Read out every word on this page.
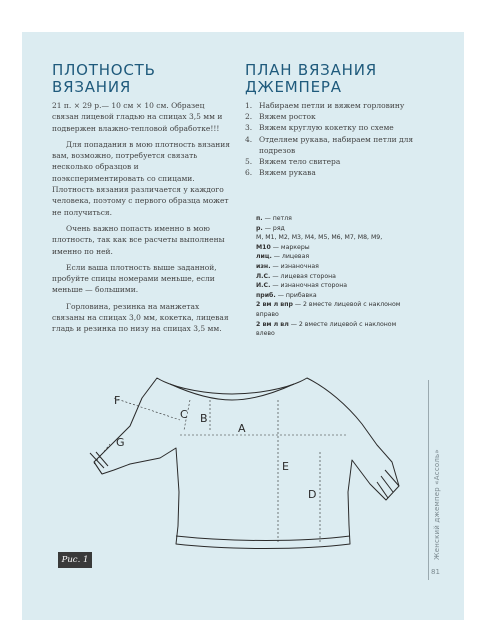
Женский джемпер «Ассоль»
81
ПЛОТНОСТЬ ВЯЗАНИЯ

21 п. × 29 р.— 10 см × 10 см. Образец связан лицевой гладью на спицах 3,5 мм и подвержен влажно-тепловой обработке!!!

Для попадания в мою плотность вязания вам, возможно, потребуется связать несколько образцов и поэкспериментировать со спицами. Плотность вязания различается у каждого человека, поэтому с первого образца может не получиться.

Очень важно попасть именно в мою плотность, так как все расчеты выполнены именно по ней.

Если ваша плотность выше заданной, пробуйте спицы номерами меньше, если меньше — большими.

Горловина, резинка на манжетах связаны на спицах 3,0 мм, кокетка, лицевая гладь и резинка по низу на спицах 3,5 мм.

ПЛАН ВЯЗАНИЯ
ДЖЕМПЕРА
1. Набираем петли и вяжем горловину
2. Вяжем росток
3. Вяжем круглую кокетку по схеме
4. Отделяем рукава, набираем петли для подрезов
5. Вяжем тело свитера
6. Вяжем рукава
п. — петля
р. — ряд
М, М1, М2, М3, М4, М5, М6, М7, М8, М9,
М10 — маркеры
лиц. — лицевая
изн. — изнаночная
Л.С. — лицевая сторона
И.С. — изнаночная сторона
приб. — прибавка
2 вм л впр — 2 вместе лицевой с наклоном вправо
2 вм л вл — 2 вместе лицевой с наклоном влево
A
B
C
D
E
F
G
Рис. 1
